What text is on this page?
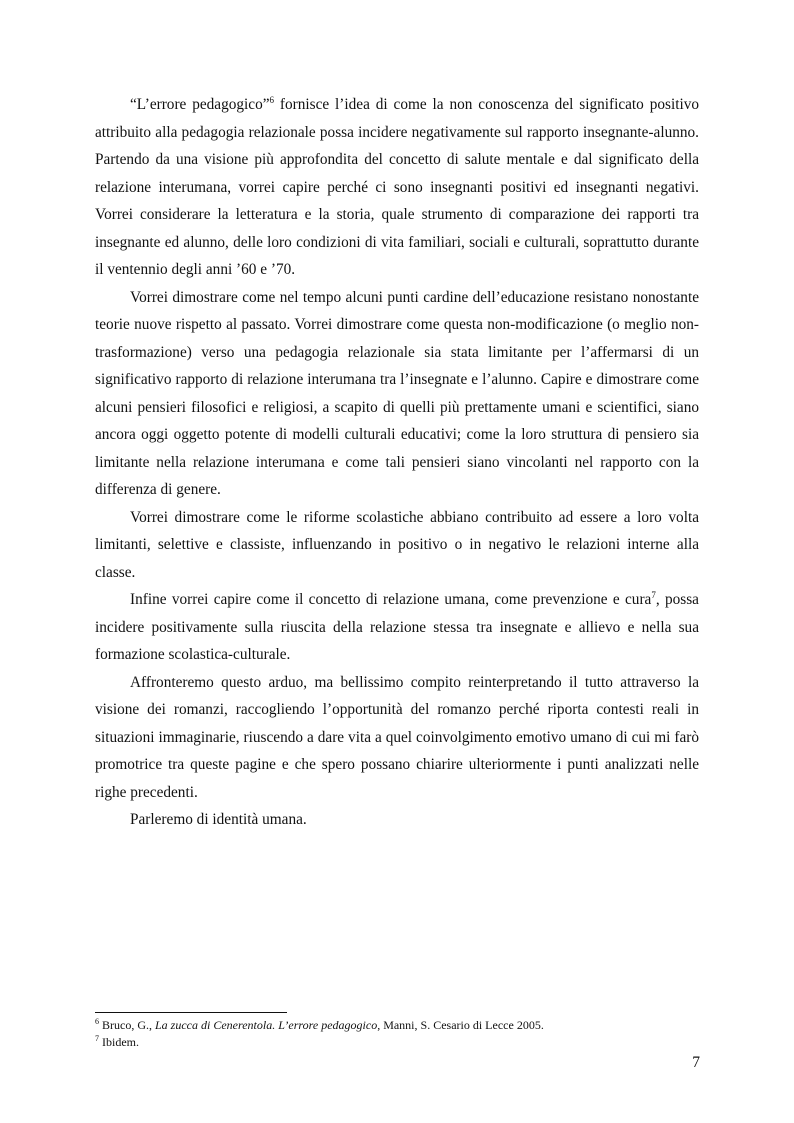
“L’errore pedagogico”$^6$ fornisce l’idea di come la non conoscenza del significato positivo attribuito alla pedagogia relazionale possa incidere negativamente sul rapporto insegnante-alunno. Partendo da una visione più approfondita del concetto di salute mentale e dal significato della relazione interumana, vorrei capire perché ci sono insegnanti positivi ed insegnanti negativi. Vorrei considerare la letteratura e la storia, quale strumento di comparazione dei rapporti tra insegnante ed alunno, delle loro condizioni di vita familiari, sociali e culturali, soprattutto durante il ventennio degli anni ’60 e ’70.

Vorrei dimostrare come nel tempo alcuni punti cardine dell’educazione resistano nonostante teorie nuove rispetto al passato. Vorrei dimostrare come questa non-modificazione (o meglio non-trasformazione) verso una pedagogia relazionale sia stata limitante per l’affermarsi di un significativo rapporto di relazione interumana tra l’insegnate e l’alunno. Capire e dimostrare come alcuni pensieri filosofici e religiosi, a scapito di quelli più prettamente umani e scientifici, siano ancora oggi oggetto potente di modelli culturali educativi; come la loro struttura di pensiero sia limitante nella relazione interumana e come tali pensieri siano vincolanti nel rapporto con la differenza di genere.

Vorrei dimostrare come le riforme scolastiche abbiano contribuito ad essere a loro volta limitanti, selettive e classiste, influenzando in positivo o in negativo le relazioni interne alla classe.

Infine vorrei capire come il concetto di relazione umana, come prevenzione e cura$^7$, possa incidere positivamente sulla riuscita della relazione stessa tra insegnate e allievo e nella sua formazione scolastica-culturale.

Affronteremo questo arduo, ma bellissimo compito reinterpretando il tutto attraverso la visione dei romanzi, raccogliendo l’opportunità del romanzo perché riporta contesti reali in situazioni immaginarie, riuscendo a dare vita a quel coinvolgimento emotivo umano di cui mi farò promotrice tra queste pagine e che spero possano chiarire ulteriormente i punti analizzati nelle righe precedenti.

Parleremo di identità umana.

$^6$ Bruco, G., La zucca di Cenerentola. L’errore pedagogico, Manni, S. Cesario di Lecce 2005.

$^7$ Ibidem.

7
